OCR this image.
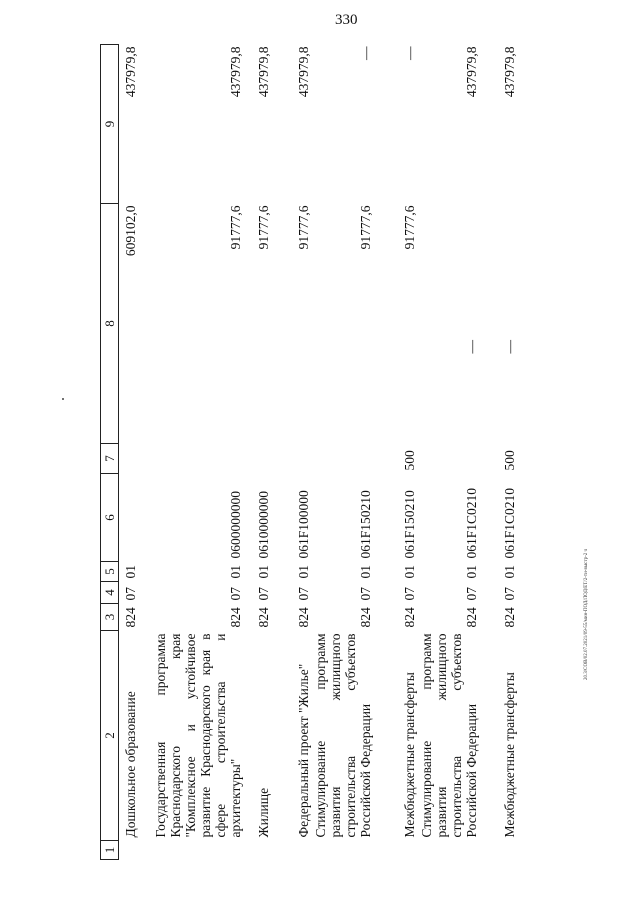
330
20.3/СОВ/02.07.2021/09-55/мин-ПОД/ЛОД/ЕТ/2-ти-выстр-2 ч
1	2	3	4	5	6	7	8	9
	Дошкольное образование	824	07	01			609102,0	437979,8
	Государственная программа Краснодарского края "Комплексное и устойчивое развитие Краснодарского края в сфере строительства и архитектуры"	824	07	01	0600000000		91777,6	437979,8
	Жилище	824	07	01	0610000000		91777,6	437979,8
	Федеральный проект "Жилье"	824	07	01	061F100000		91777,6	437979,8
	Стимулирование программ развития жилищного строительства субъектов Российской Федерации	824	07	01	061F150210		91777,6	—
	Межбюджетные трансферты	824	07	01	061F150210	500	91777,6	—
	Стимулирование программ развития жилищного строительства субъектов Российской Федерации	824	07	01	061F1C0210		—	437979,8
	Межбюджетные трансферты	824	07	01	061F1C0210	500	—	437979,8
